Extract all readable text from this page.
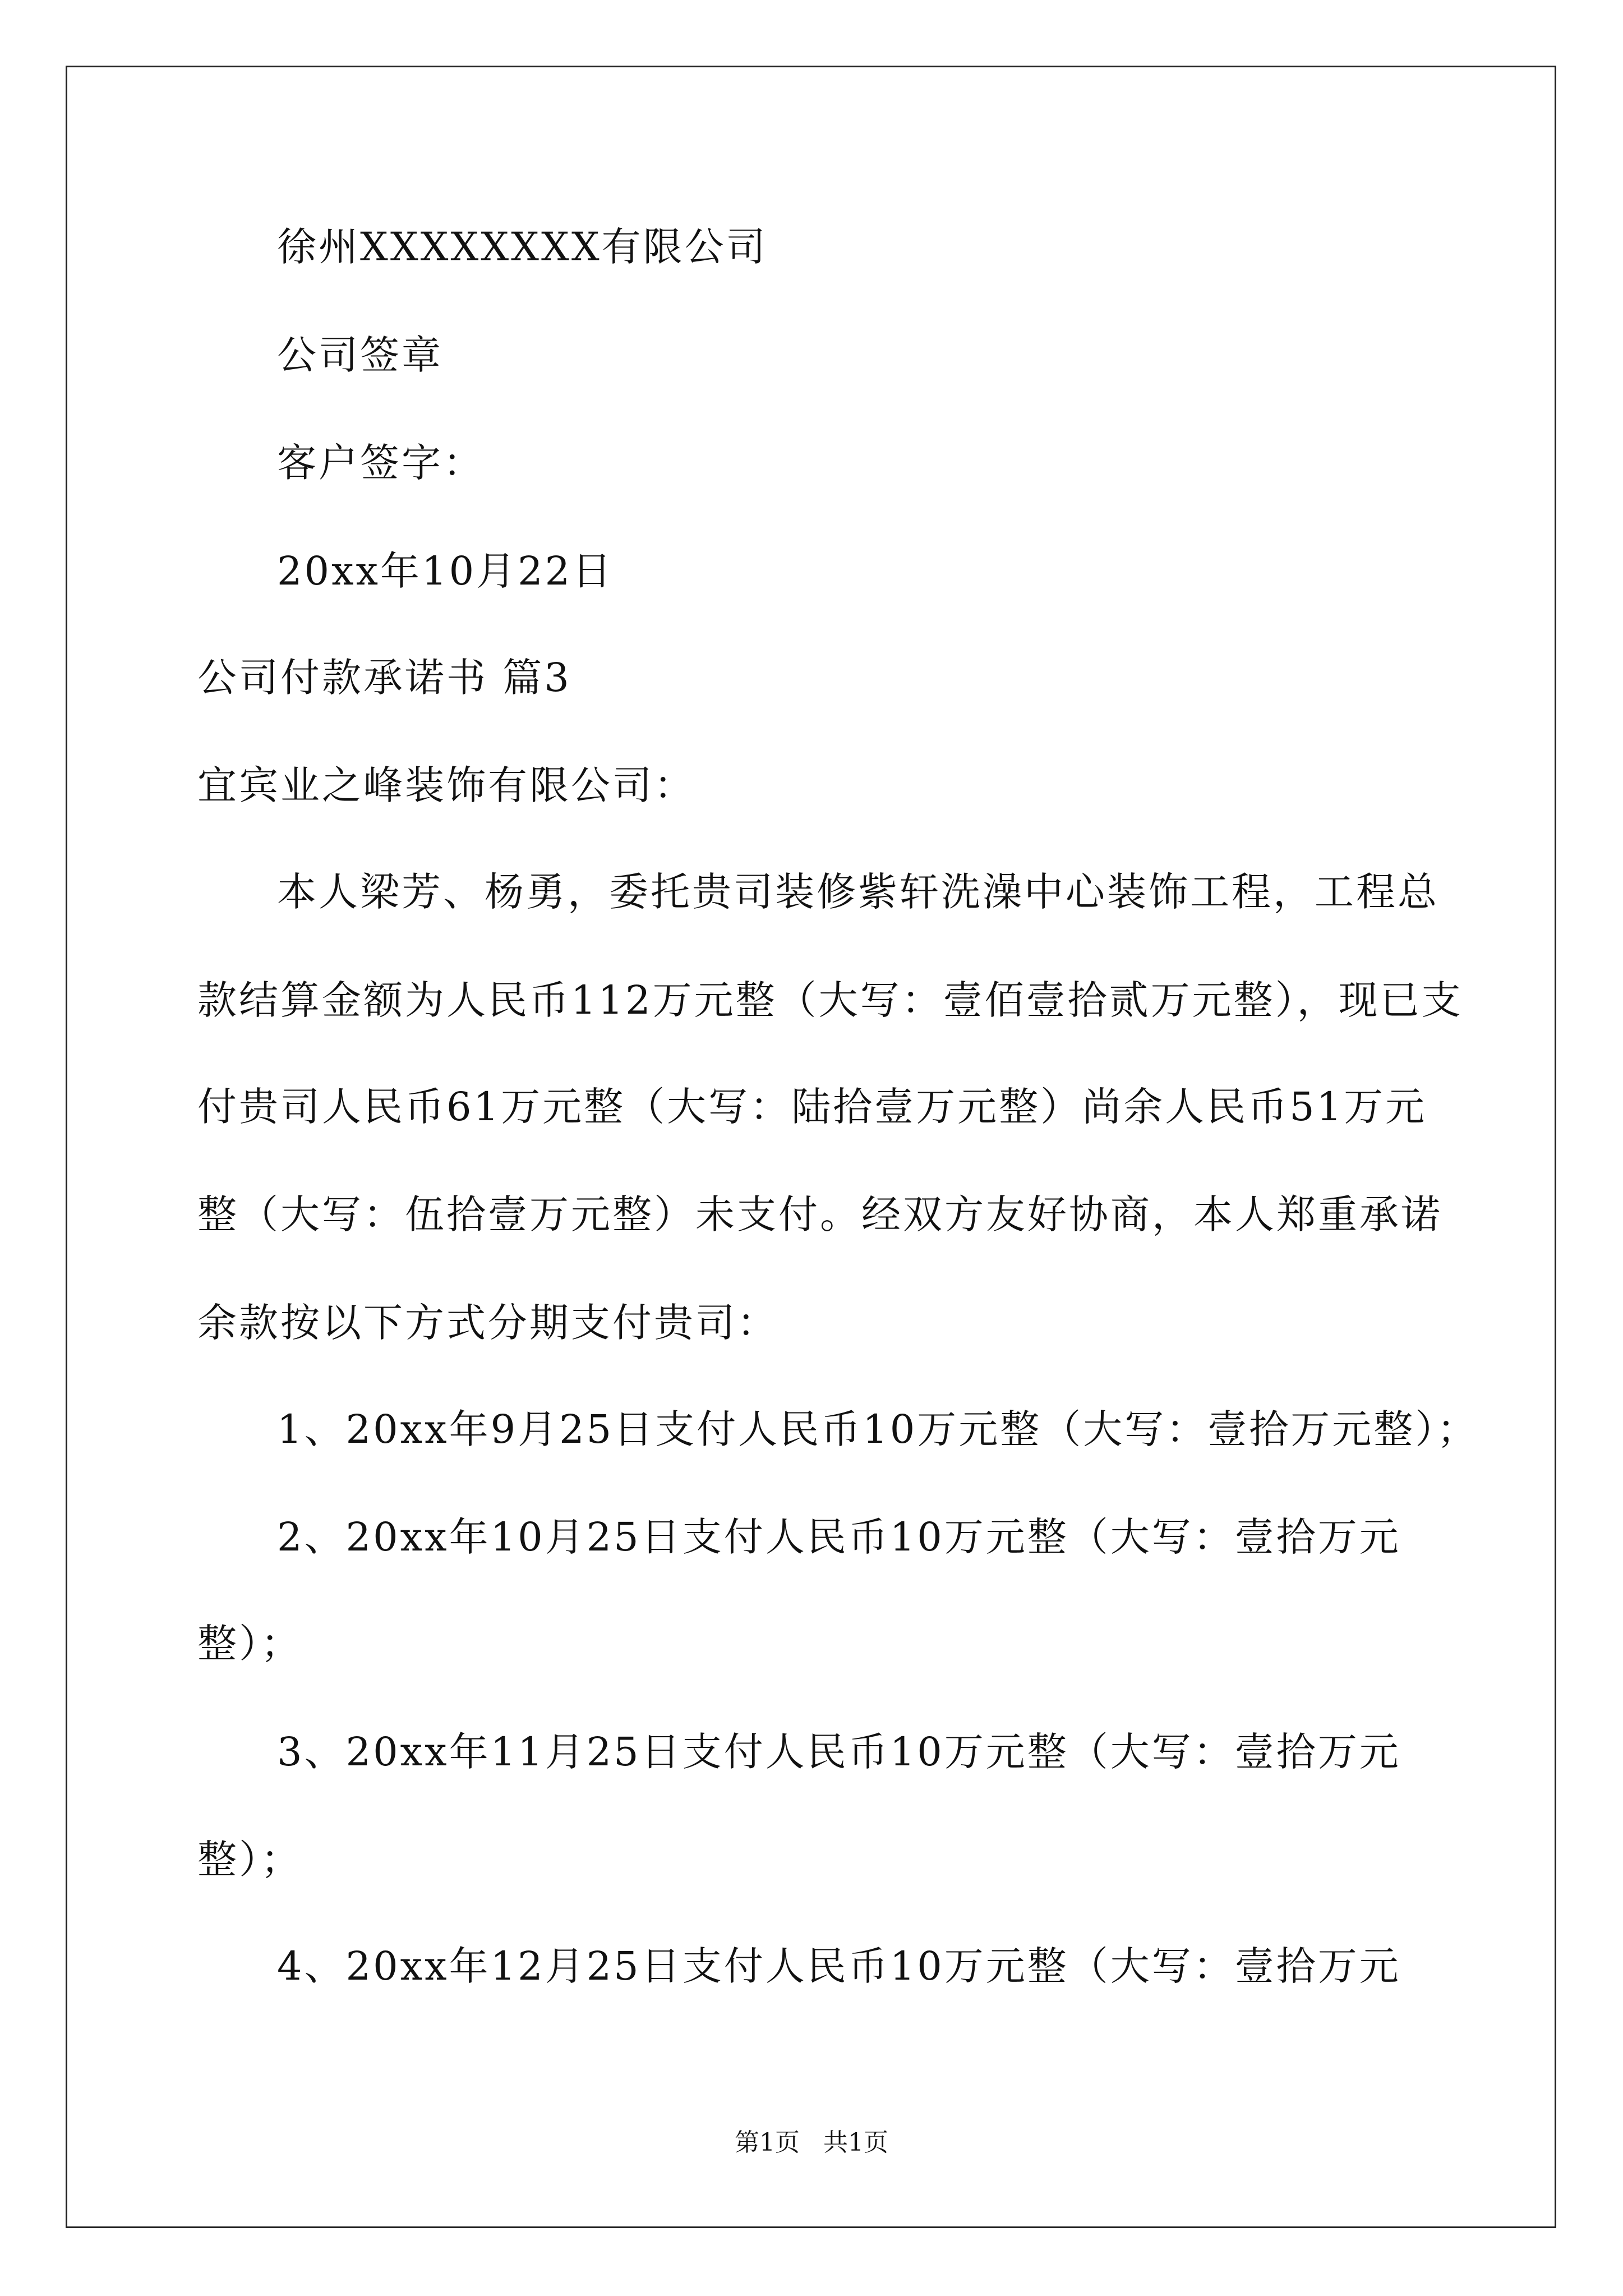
徐州XXXXXXXX有限公司
公司签章
客户签字：
20xx年10月22日
公司付款承诺书 篇3
宜宾业之峰装饰有限公司：
本人梁芳、杨勇，委托贵司装修紫轩洗澡中心装饰工程，工程总
款结算金额为人民币112万元整（大写：壹佰壹拾贰万元整），现已支
付贵司人民币61万元整（大写：陆拾壹万元整）尚余人民币51万元
整（大写：伍拾壹万元整）未支付。经双方友好协商，本人郑重承诺
余款按以下方式分期支付贵司：
1、20xx年9月25日支付人民币10万元整（大写：壹拾万元整）；
2、20xx年10月25日支付人民币10万元整（大写：壹拾万元
整）；
3、20xx年11月25日支付人民币10万元整（大写：壹拾万元
整）；
4、20xx年12月25日支付人民币10万元整（大写：壹拾万元
第1页   共1页
